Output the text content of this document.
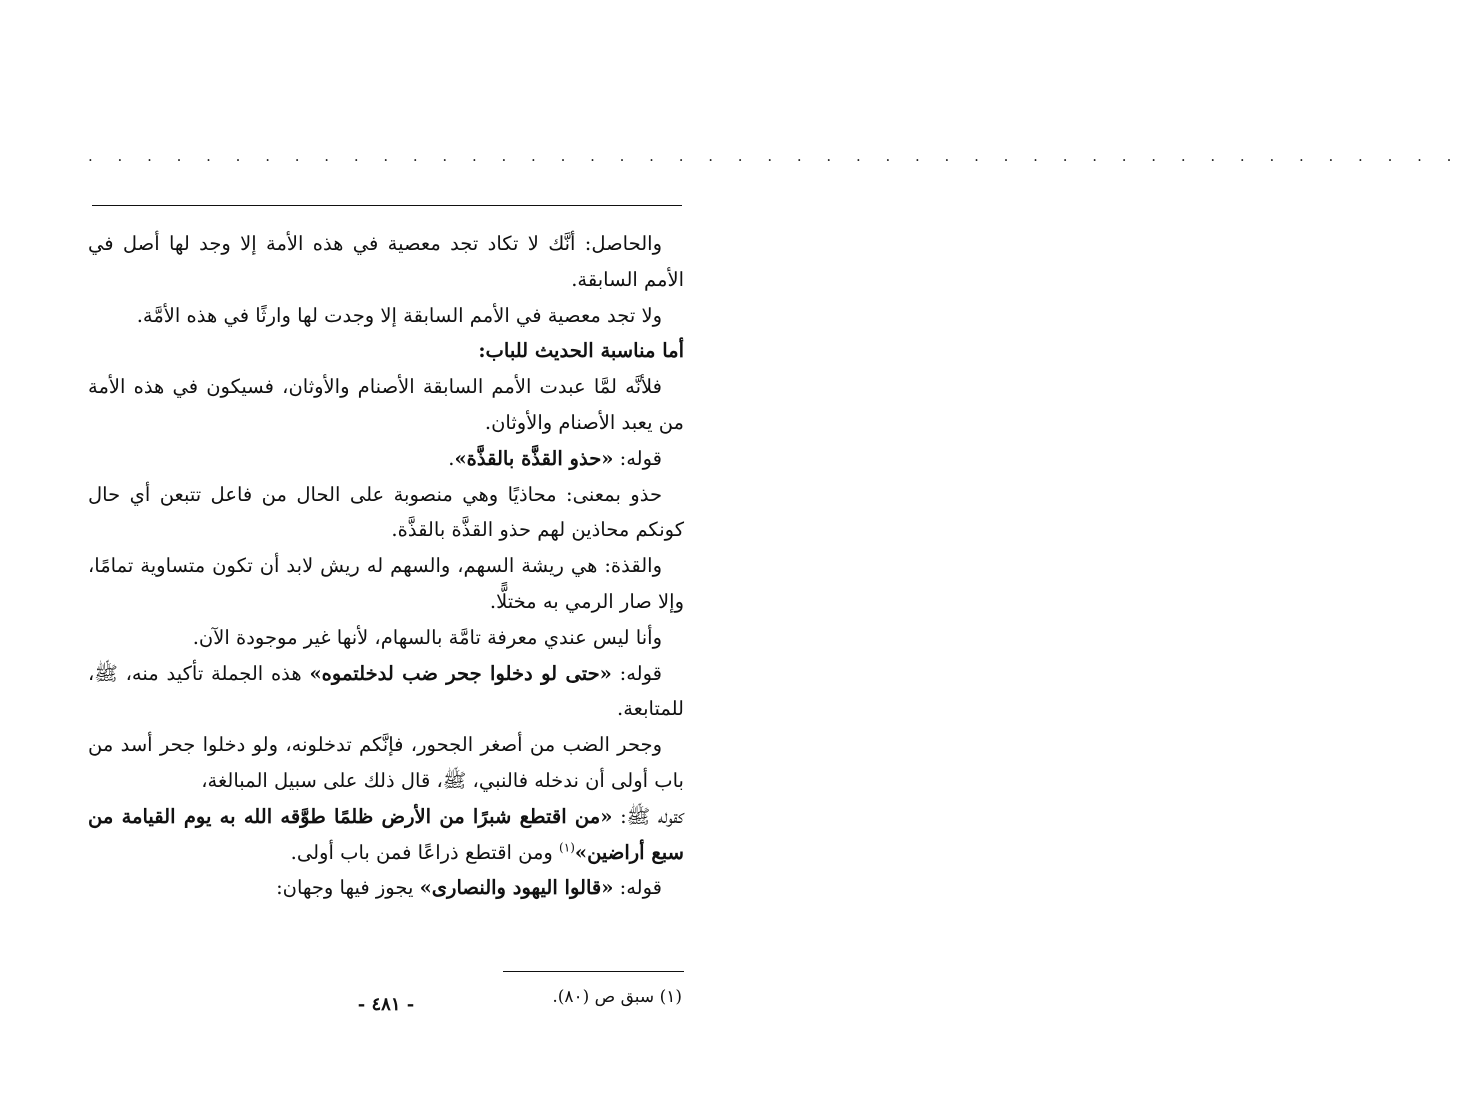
. . . . . . . . . . . . . . . . . . . . . . . . . . . . . . . . . . . . . . . . . . . . . . .

والحاصل: أنَّك لا تكاد تجد معصية في هذه الأمة إلا وجد لها أصل في الأمم السابقة.

ولا تجد معصية في الأمم السابقة إلا وجدت لها وارثًا في هذه الأمَّة.

أما مناسبة الحديث للباب:

فلأنَّه لمَّا عبدت الأمم السابقة الأصنام والأوثان، فسيكون في هذه الأمة من يعبد الأصنام والأوثان.

قوله: «حذو القذَّة بالقذَّة».

حذو بمعنى: محاذيًا وهي منصوبة على الحال من فاعل تتبعن أي حال كونكم محاذين لهم حذو القذَّة بالقذَّة.

والقذة: هي ريشة السهم، والسهم له ريش لابد أن تكون متساوية تمامًا، وإلا صار الرمي به مختلًّا.

وأنا ليس عندي معرفة تامَّة بالسهام، لأنها غير موجودة الآن.

قوله: «حتى لو دخلوا جحر ضب لدخلتموه» هذه الجملة تأكيد منه، ﷺ، للمتابعة.

وجحر الضب من أصغر الجحور، فإنَّكم تدخلونه، ولو دخلوا جحر أسد من باب أولى أن ندخله فالنبي، ﷺ، قال ذلك على سبيل المبالغة،

كقوله ﷺ: «من اقتطع شبرًا من الأرض ظلمًا طوَّقه الله به يوم القيامة من سبع أراضين»$^{(١)}$ ومن اقتطع ذراعًا فمن باب أولى.

قوله: «قالوا اليهود والنصارى» يجوز فيها وجهان:

(١) سبق ص (٨٠).
- ٤٨١ -
